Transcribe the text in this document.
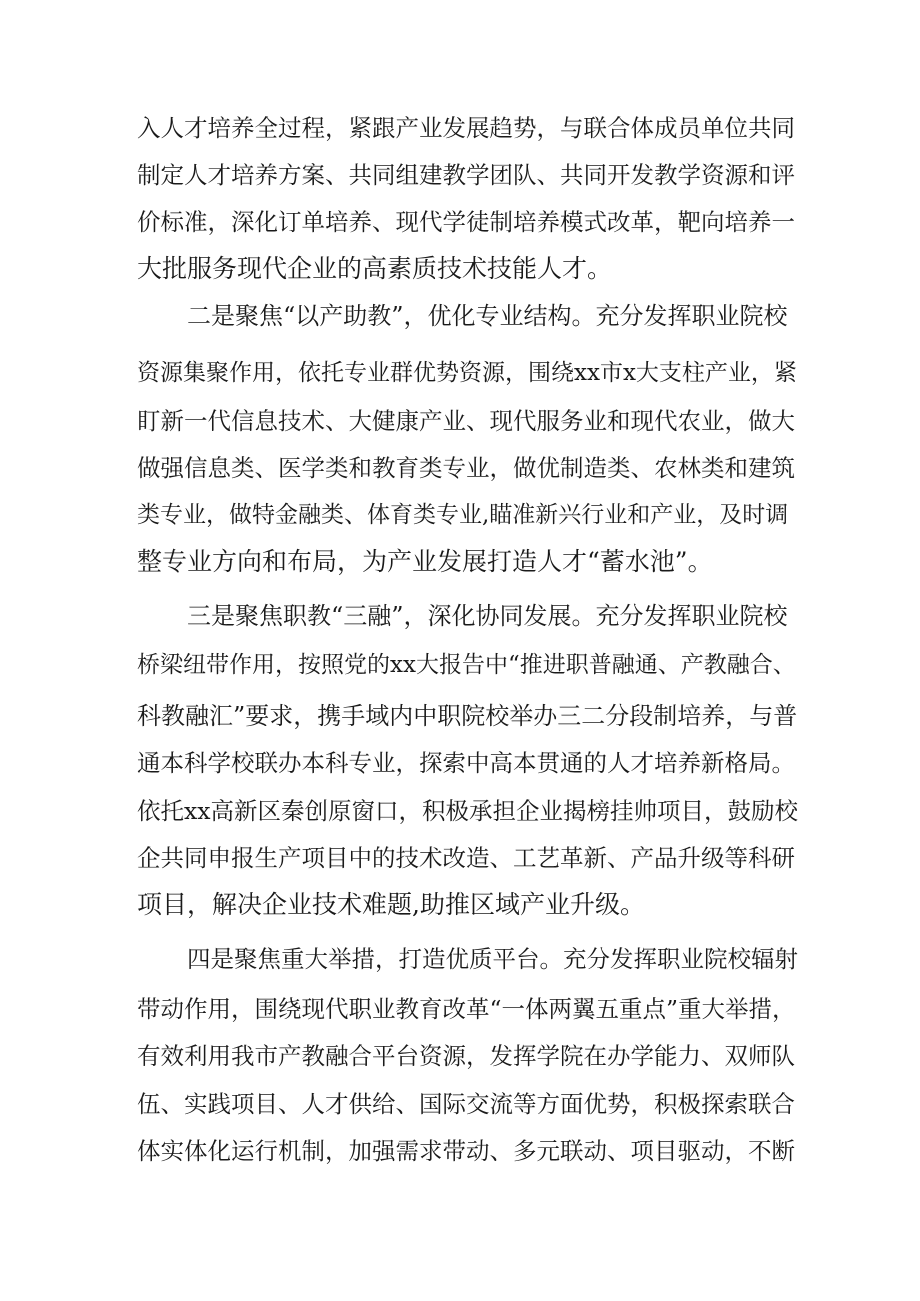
入人才培养全过程，紧跟产业发展趋势，与联合体成员单位共同
制定人才培养方案、共同组建教学团队、共同开发教学资源和评
价标准，深化订单培养、现代学徒制培养模式改革，靶向培养一
大批服务现代企业的高素质技术技能人才。
二是聚焦“以产助教”，优化专业结构。充分发挥职业院校
资源集聚作用，依托专业群优势资源，围绕xx市x大支柱产业，紧
盯新一代信息技术、大健康产业、现代服务业和现代农业，做大
做强信息类、医学类和教育类专业，做优制造类、农林类和建筑
类专业，做特金融类、体育类专业,瞄准新兴行业和产业，及时调
整专业方向和布局，为产业发展打造人才“蓄水池”。
三是聚焦职教“三融”，深化协同发展。充分发挥职业院校
桥梁纽带作用，按照党的xx大报告中“推进职普融通、产教融合、
科教融汇”要求，携手域内中职院校举办三二分段制培养，与普
通本科学校联办本科专业，探索中高本贯通的人才培养新格局。
依托xx高新区秦创原窗口，积极承担企业揭榜挂帅项目，鼓励校
企共同申报生产项目中的技术改造、工艺革新、产品升级等科研
项目，解决企业技术难题,助推区域产业升级。
四是聚焦重大举措，打造优质平台。充分发挥职业院校辐射
带动作用，围绕现代职业教育改革“一体两翼五重点”重大举措，
有效利用我市产教融合平台资源，发挥学院在办学能力、双师队
伍、实践项目、人才供给、国际交流等方面优势，积极探索联合
体实体化运行机制，加强需求带动、多元联动、项目驱动，不断
